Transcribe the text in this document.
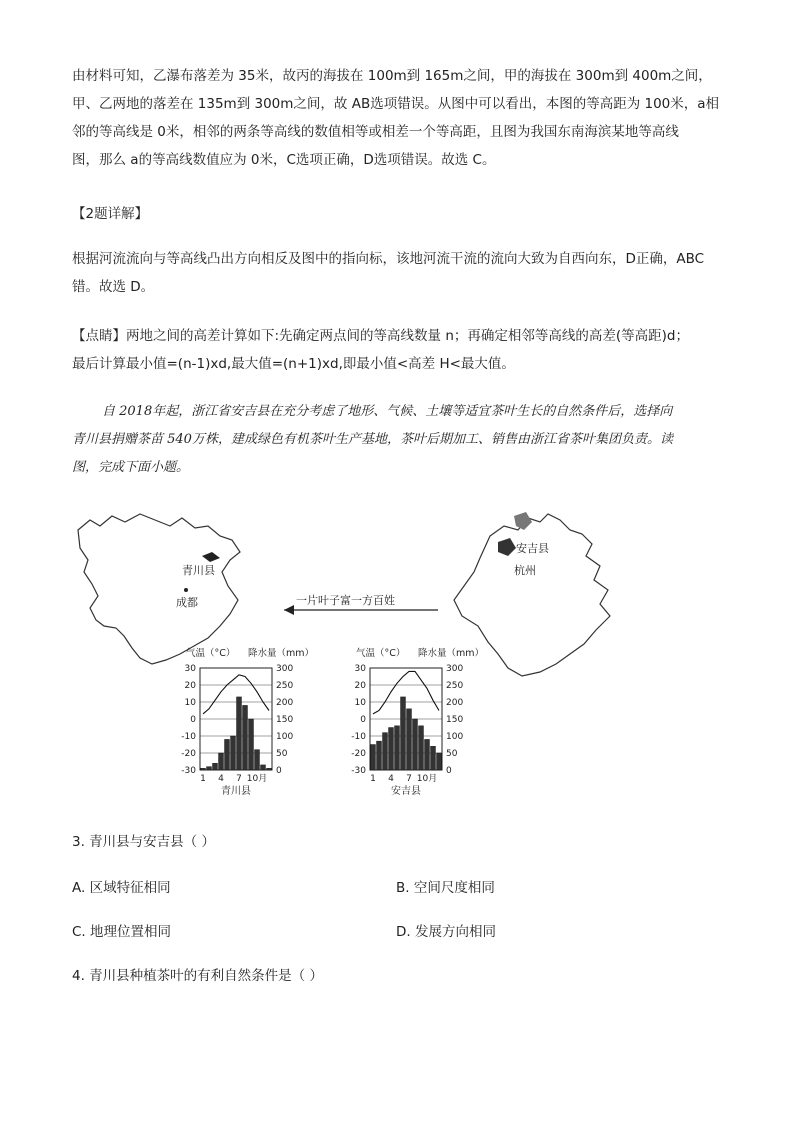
由材料可知，乙瀑布落差为 35米，故丙的海拔在 100m到 165m之间，甲的海拔在 300m到 400m之间，
甲、乙两地的落差在 135m到 300m之间，故 AB选项错误。从图中可以看出，本图的等高距为 100米，a相
邻的等高线是 0米，相邻的两条等高线的数值相等或相差一个等高距，且图为我国东南海滨某地等高线
图，那么 a的等高线数值应为 0米，C选项正确，D选项错误。故选 C。
【2题详解】
根据河流流向与等高线凸出方向相反及图中的指向标，该地河流干流的流向大致为自西向东，D正确，ABC
错。故选 D。
【点睛】两地之间的高差计算如下:先确定两点间的等高线数量 n；再确定相邻等高线的高差(等高距)d；
最后计算最小值=(n-1)xd,最大值=(n+1)xd,即最小值<高差 H<最大值。
自 2018年起，浙江省安吉县在充分考虑了地形、气候、土壤等适宜茶叶生长的自然条件后，选择向
青川县捐赠茶苗 540万株，建成绿色有机茶叶生产基地，茶叶后期加工、销售由浙江省茶叶集团负责。读
图，完成下面小题。
青川县
成都
安吉县
杭州
一片叶子富一方百姓
气温（°C） 降水量（mm）
30	300
20	250
10	200
0	150
-10	100
-20	50
-30	0
1 4 7 10月
青川县
气温（°C） 降水量（mm）
30	300
20	250
10	200
0	150
-10	100
-20	50
-30	0
1 4 7 10月
安吉县
3. 青川县与安吉县（ ）
A. 区域特征相同	B. 空间尺度相同
C. 地理位置相同	D. 发展方向相同
4. 青川县种植茶叶的有利自然条件是（ ）
